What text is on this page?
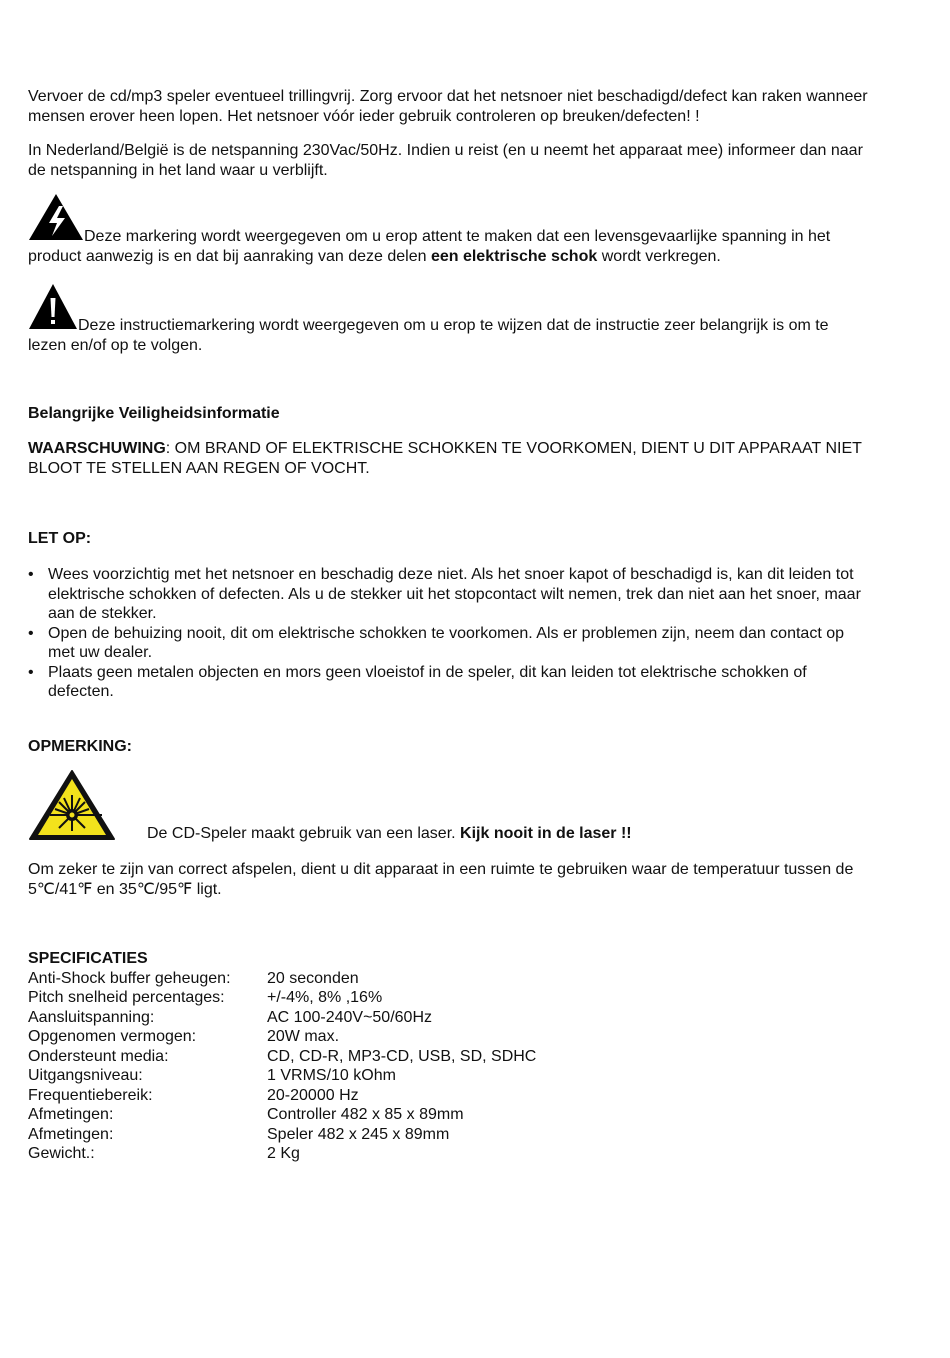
Vervoer de cd/mp3 speler eventueel trillingvrij. Zorg ervoor dat het netsnoer niet beschadigd/defect kan raken wanneer mensen erover heen lopen. Het netsnoer vóór ieder gebruik controleren op breuken/defecten! !

In Nederland/België is de netspanning 230Vac/50Hz. Indien u reist (en u neemt het apparaat mee) informeer dan naar de netspanning in het land waar u verblijft.

Deze markering wordt weergegeven om u erop attent te maken dat een levensgevaarlijke spanning in het product aanwezig is en dat bij aanraking van deze delen een elektrische schok wordt verkregen.

Deze instructiemarkering wordt weergegeven om u erop te wijzen dat de instructie zeer belangrijk is om te lezen en/of op te volgen.

Belangrijke Veiligheidsinformatie

WAARSCHUWING: OM BRAND OF ELEKTRISCHE SCHOKKEN TE VOORKOMEN, DIENT U DIT APPARAAT NIET BLOOT TE STELLEN AAN REGEN OF VOCHT.

LET OP:

• Wees voorzichtig met het netsnoer en beschadig deze niet. Als het snoer kapot of beschadigd is, kan dit leiden tot elektrische schokken of defecten. Als u de stekker uit het stopcontact wilt nemen, trek dan niet aan het snoer, maar aan de stekker.
• Open de behuizing nooit, dit om elektrische schokken te voorkomen. Als er problemen zijn, neem dan contact op met uw dealer.
• Plaats geen metalen objecten en mors geen vloeistof in de speler, dit kan leiden tot elektrische schokken of defecten.

OPMERKING:

De CD-Speler maakt gebruik van een laser. Kijk nooit in de laser !!

Om zeker te zijn van correct afspelen, dient u dit apparaat in een ruimte te gebruiken waar de temperatuur tussen de 5℃/41℉ en 35℃/95℉ ligt.

SPECIFICATIES

Anti-Shock buffer geheugen:	20 seconden
Pitch snelheid percentages:	+/-4%, 8% ,16%
Aansluitspanning:	AC 100-240V~50/60Hz
Opgenomen vermogen:	20W max.
Ondersteunt media:	CD, CD-R, MP3-CD, USB, SD, SDHC
Uitgangsniveau:	1 VRMS/10 kOhm
Frequentiebereik:	20-20000 Hz
Afmetingen:	Controller 482 x 85 x 89mm
Afmetingen:	Speler 482 x 245 x 89mm
Gewicht.:	2 Kg
